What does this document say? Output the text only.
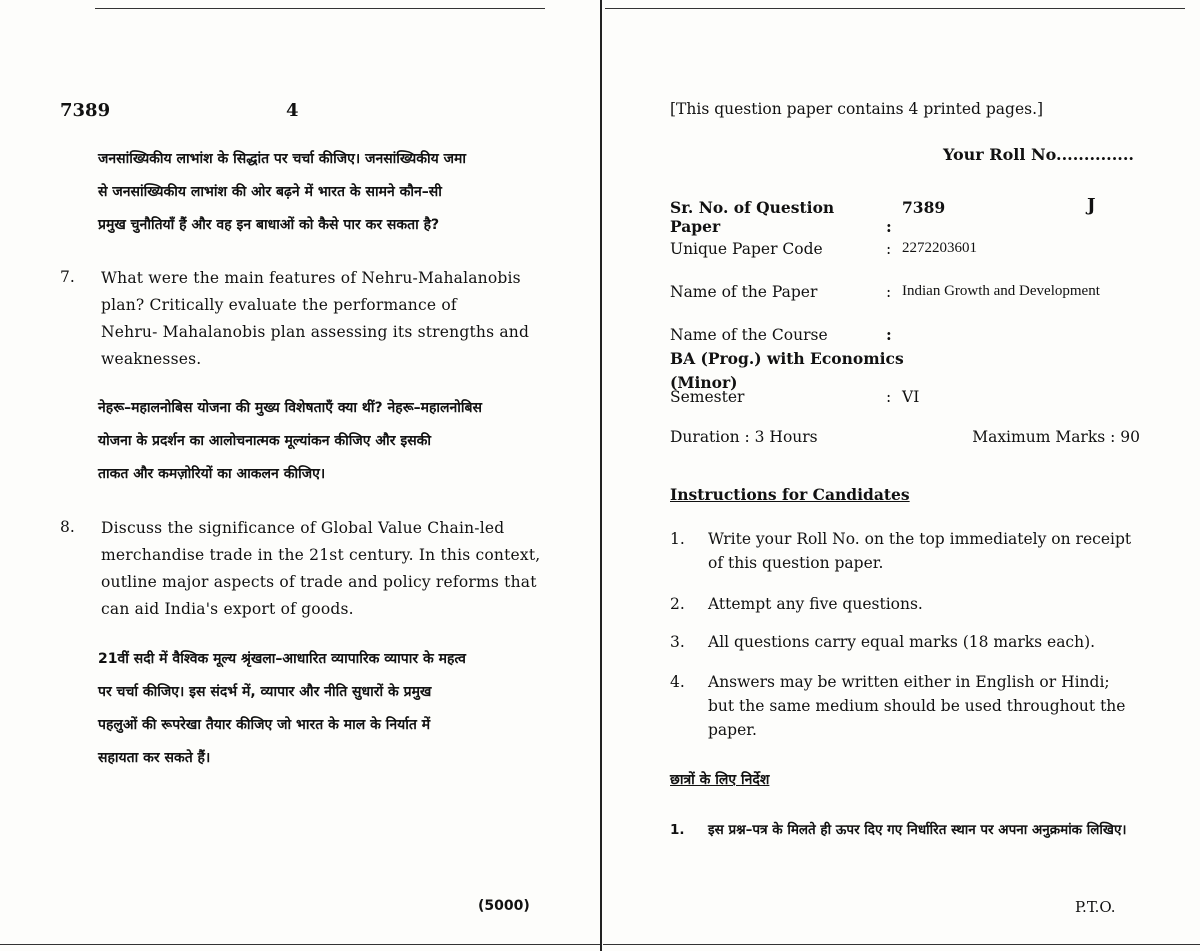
7389	4
जनसांख्यिकीय लाभांश के सिद्धांत पर चर्चा कीजिए। जनसांख्यिकीय जमा
से जनसांख्यिकीय लाभांश की ओर बढ़ने में भारत के सामने कौन–सी
प्रमुख चुनौतियाँ हैं और वह इन बाधाओं को कैसे पार कर सकता है?
7. What were the main features of Nehru-Mahalanobis
plan? Critically evaluate the performance of
Nehru- Mahalanobis plan assessing its strengths and
weaknesses.
नेहरू–महालनोबिस योजना की मुख्य विशेषताएँ क्या थीं? नेहरू–महालनोबिस
योजना के प्रदर्शन का आलोचनात्मक मूल्यांकन कीजिए और इसकी
ताकत और कमज़ोरियों का आकलन कीजिए।
8. Discuss the significance of Global Value Chain-led
merchandise trade in the 21st century. In this context,
outline major aspects of trade and policy reforms that
can aid India's export of goods.
21वीं सदी में वैश्विक मूल्य श्रृंखला–आधारित व्यापारिक व्यापार के महत्व
पर चर्चा कीजिए। इस संदर्भ में, व्यापार और नीति सुधारों के प्रमुख
पहलुओं की रूपरेखा तैयार कीजिए जो भारत के माल के निर्यात में
सहायता कर सकते हैं।
(5000)
[This question paper contains 4 printed pages.]
Your Roll No..............
J
Sr. No. of Question Paper	:7389
Unique Paper Code	: 2272203601
Name of the Paper	: Indian Growth and Development
Name of the Course	:BA (Prog.) with Economics (Minor)
Semester	: VI
Duration : 3 Hours	Maximum Marks : 90
Instructions for Candidates
1.	Write your Roll No. on the top immediately on receipt of this question paper.
2.	Attempt any five questions.
3.	All questions carry equal marks (18 marks each).
4.	Answers may be written either in English or Hindi; but the same medium should be used throughout the paper.
छात्रों के लिए निर्देश
1.	इस प्रश्न–पत्र के मिलते ही ऊपर दिए गए निर्धारित स्थान पर अपना अनुक्रमांक लिखिए।
P.T.O.
